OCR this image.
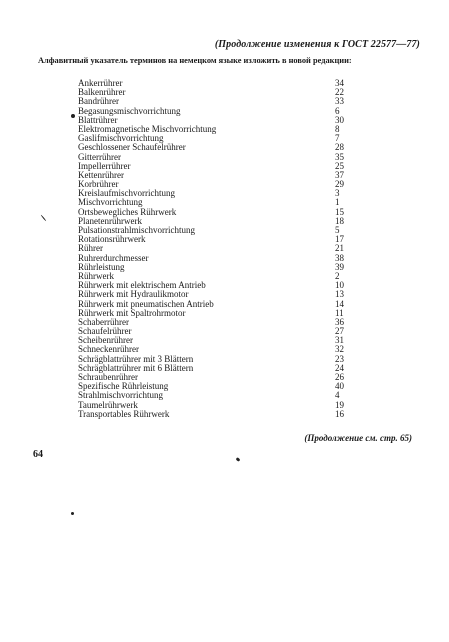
(Продолжение изменения к ГОСТ 22577—77)
Алфавитный указатель терминов на немецком языке изложить в новой редакции:
Ankerrührer	34
Balkenrührer	22
Bandrührer	33
Begasungsmischvorrichtung	6
Blattrührer	30
Elektromagnetische Mischvorrichtung	8
Gaslifmischvorrichtung	7
Geschlossener Schaufelrührer	28
Gitterrührer	35
Impellerrührer	25
Kettenrührer	37
Korbrührer	29
Kreislaufmischvorrichtung	3
Mischvorrichtung	1
Ortsbewegliches Rührwerk	15
Planetenrührwerk	18
Pulsationstrahlmischvorrichtung	5
Rotationsrührwerk	17
Rührer	21
Ruhrerdurchmesser	38
Rührleistung	39
Rührwerk	2
Rührwerk mit elektrischem Antrieb	10
Rührwerk mit Hydraulikmotor	13
Rührwerk mit pneumatischen Antrieb	14
Rührwerk mit Spaltrohrmotor	11
Schaberrührer	36
Schaufelrührer	27
Scheibenrührer	31
Schneckenrührer	32
Schrägblattrührer mit 3 Blättern	23
Schrägblattrührer mit 6 Blättern	24
Schraubenrührer	26
Spezifische Rührleistung	40
Strahlmischvorrichtung	4
Taumelrührwerk	19
Transportables Rührwerk	16
(Продолжение см. стр. 65)
64
